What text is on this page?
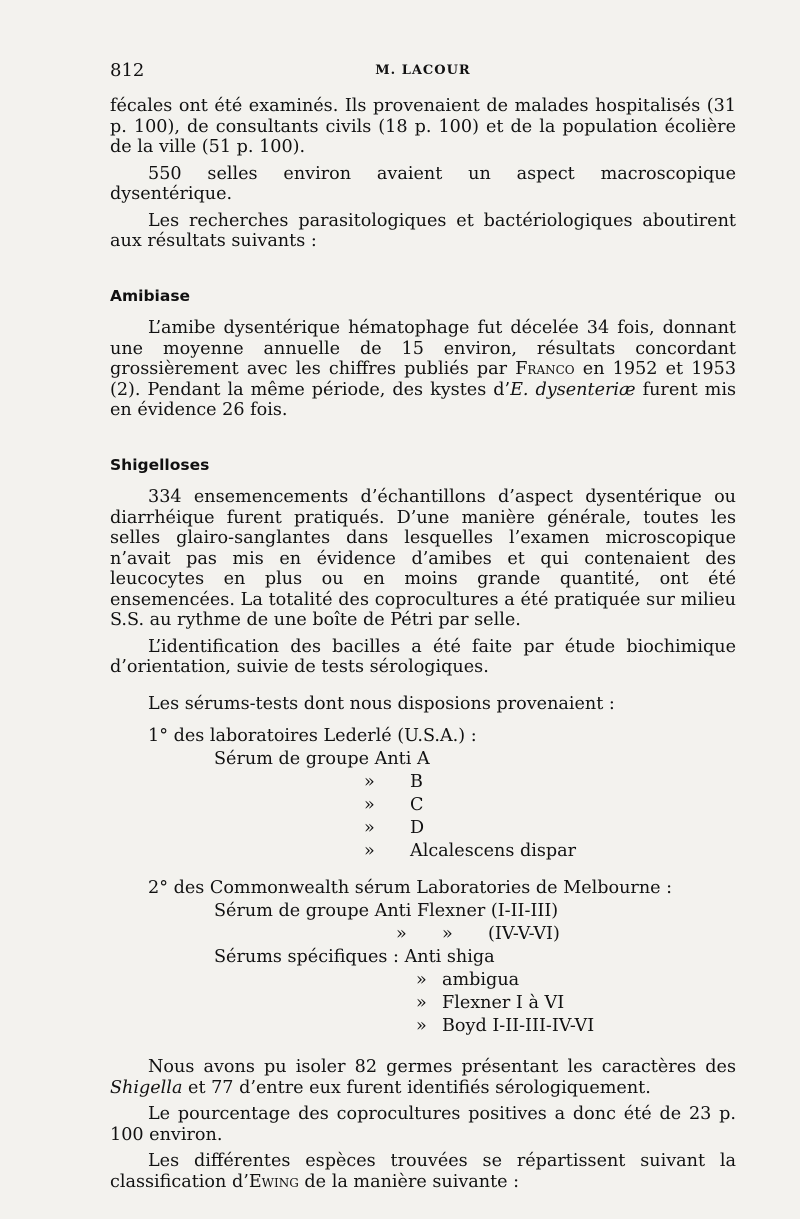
812	M. LACOUR

fécales ont été examinés. Ils provenaient de malades hospitalisés (31 p. 100), de consultants civils (18 p. 100) et de la population écolière de la ville (51 p. 100).

550 selles environ avaient un aspect macroscopique dysentérique.

Les recherches parasitologiques et bactériologiques aboutirent aux résultats suivants :

Amibiase

L’amibe dysentérique hématophage fut décelée 34 fois, donnant une moyenne annuelle de 15 environ, résultats concordant grossièrement avec les chiffres publiés par Franco en 1952 et 1953 (2). Pendant la même période, des kystes d’E. dysenteriæ furent mis en évidence 26 fois.

Shigelloses

334 ensemencements d’échantillons d’aspect dysentérique ou diarrhéique furent pratiqués. D’une manière générale, toutes les selles glairo-sanglantes dans lesquelles l’examen microscopique n’avait pas mis en évidence d’amibes et qui contenaient des leucocytes en plus ou en moins grande quantité, ont été ensemencées. La totalité des coprocultures a été pratiquée sur milieu S.S. au rythme de une boîte de Pétri par selle.

L’identification des bacilles a été faite par étude biochimique d’orientation, suivie de tests sérologiques.

Les sérums-tests dont nous disposions provenaient :

1° des laboratoires Lederlé (U.S.A.) :
Sérum de groupe Anti A
» B
» C
» D
» Alcalescens dispar
2° des Commonwealth sérum Laboratories de Melbourne :
Sérum de groupe Anti Flexner (I-II-III)
» » (IV-V-VI)
Sérums spécifiques : Anti shiga
» ambigua
» Flexner I à VI
» Boyd I-II-III-IV-VI

Nous avons pu isoler 82 germes présentant les caractères des Shigella et 77 d’entre eux furent identifiés sérologiquement.

Le pourcentage des coprocultures positives a donc été de 23 p. 100 environ.

Les différentes espèces trouvées se répartissent suivant la classification d’Ewing de la manière suivante :
